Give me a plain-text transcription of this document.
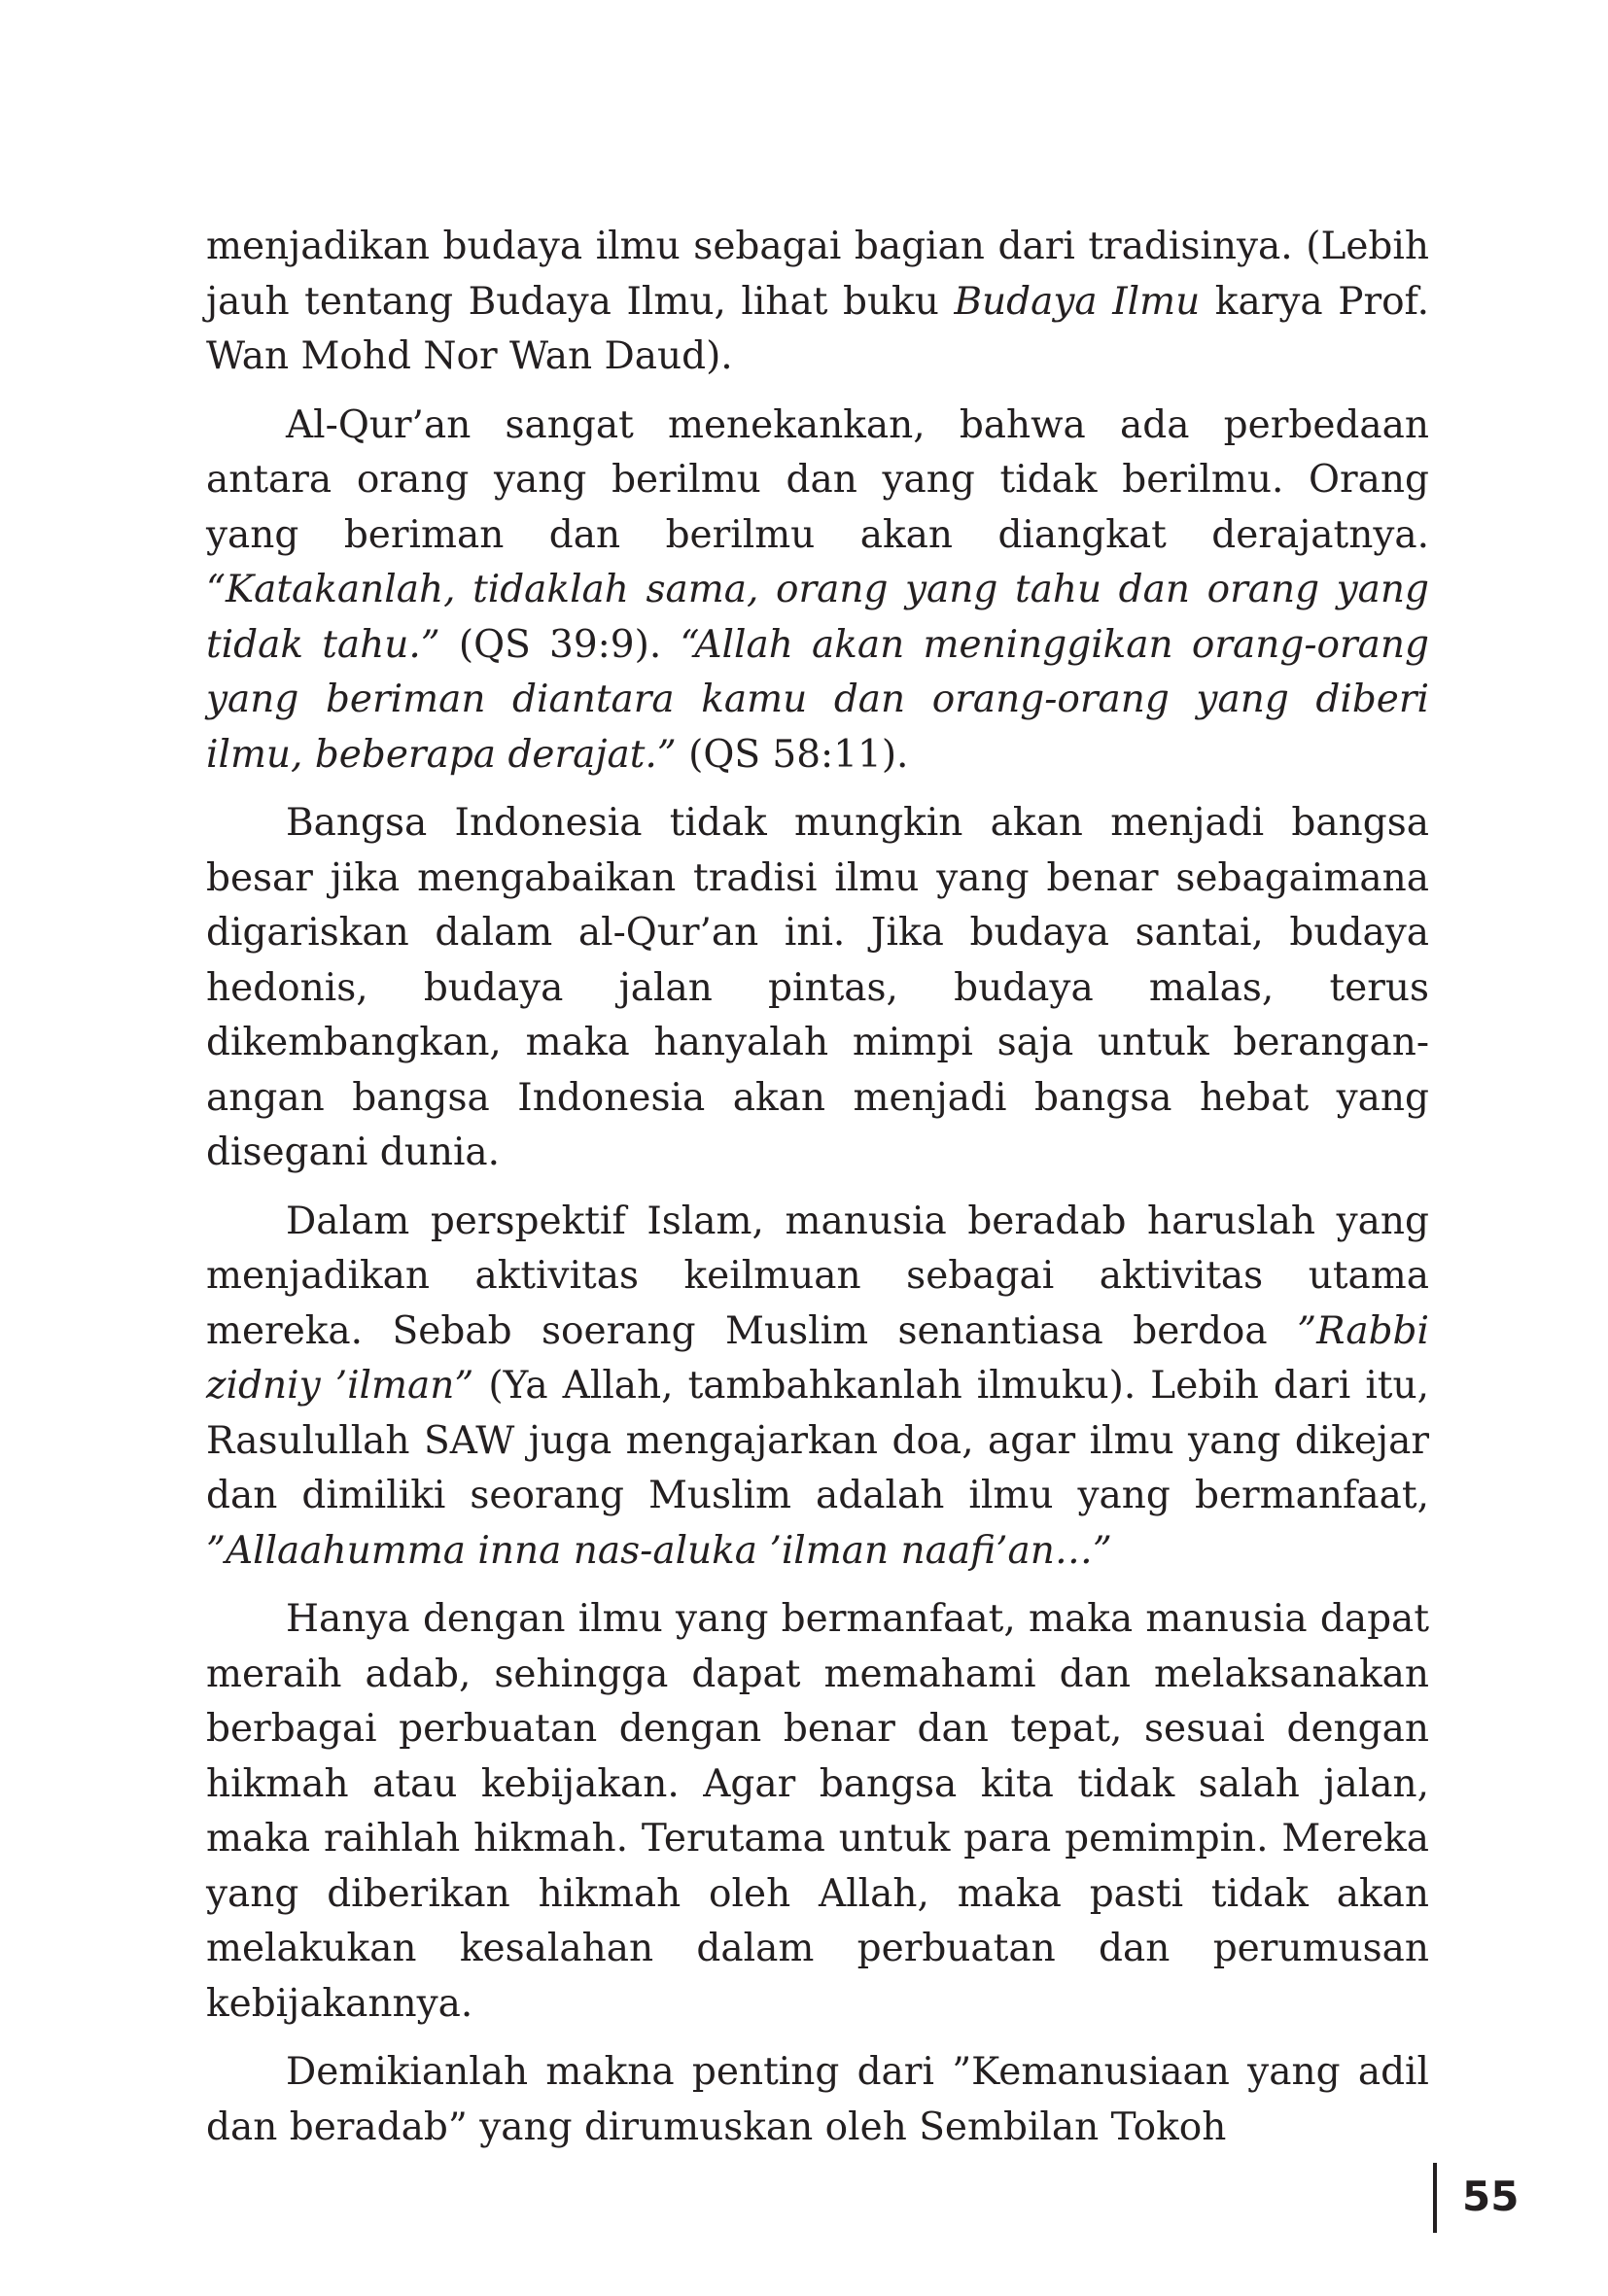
menjadikan budaya ilmu sebagai bagian dari tradisinya. (Lebih jauh tentang Budaya Ilmu, lihat buku Budaya Ilmu karya Prof. Wan Mohd Nor Wan Daud).

Al-Qur’an sangat menekankan, bahwa ada perbedaan antara orang yang berilmu dan yang tidak berilmu. Orang yang beriman dan berilmu akan diangkat derajatnya. “Katakanlah, tidaklah sama, orang yang tahu dan orang yang tidak tahu.” (QS 39:9). “Allah akan meninggikan orang-orang yang beriman diantara kamu dan orang-orang yang diberi ilmu, beberapa derajat.” (QS 58:11).

Bangsa Indonesia tidak mungkin akan menjadi bangsa besar jika mengabaikan tradisi ilmu yang benar sebagaimana digariskan dalam al-Qur’an ini. Jika budaya santai, budaya hedonis, budaya jalan pintas, budaya malas, terus dikembangkan, maka hanyalah mimpi saja untuk berangan-angan bangsa Indonesia akan menjadi bangsa hebat yang disegani dunia.

Dalam perspektif Islam, manusia beradab haruslah yang menjadikan aktivitas keilmuan sebagai aktivitas utama mereka. Sebab soerang Muslim senantiasa berdoa ”Rabbi zidniy ’ilman” (Ya Allah, tambahkanlah ilmuku). Lebih dari itu, Rasulullah SAW juga mengajarkan doa, agar ilmu yang dikejar dan dimiliki seorang Muslim adalah ilmu yang bermanfaat, ”Allaahumma inna nas-aluka ’ilman naafi’an…”

Hanya dengan ilmu yang bermanfaat, maka manusia dapat meraih adab, sehingga dapat memahami dan melaksanakan berbagai perbuatan dengan benar dan tepat, sesuai dengan hikmah atau kebijakan. Agar bangsa kita tidak salah jalan, maka raihlah hikmah. Terutama untuk para pemimpin. Mereka yang diberikan hikmah oleh Allah, maka pasti tidak akan melakukan kesalahan dalam perbuatan dan perumusan kebijakannya.

Demikianlah makna penting dari ”Kemanusiaan yang adil dan beradab” yang dirumuskan oleh Sembilan Tokoh

55
